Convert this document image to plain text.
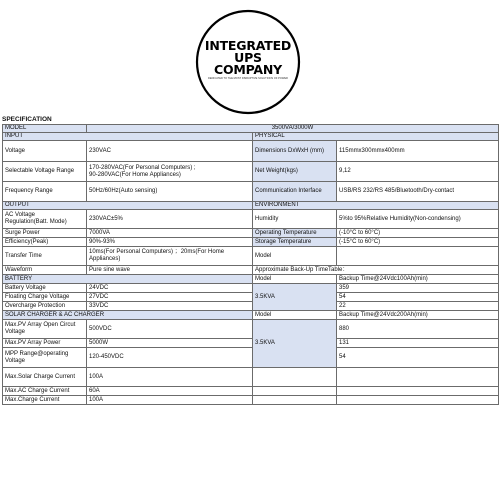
INTEGRATED
UPS
COMPANY
DEDICATED TO THE MOST DISRUPTIVE SOLUTIONS OF POWER
SPECIFICATION
MODEL	3500VA/3000W		
INPUT		PHYSICAL	
Voltage	230VAC	Dimensions DxWxH (mm)	115mmx300mmx400mm
Selectable Voltage Range	170-280VAC(For Personal Computers) ;
90-280VAC(For Home Appliances)	Net Weight(kgs)	9,12
Frequency Range	50Hz/60Hz(Auto sensing)	Communication Interface	USB/RS 232/RS 485/Bluetooth/Dry-contact
OUTPUT		ENVIRONMENT	

AC Voltage
Regulation(Batt. Mode)	230VAC±5%	Humidity	5%to 95%Relative Humidity(Non-condensing)
Surge Power	7000VA	Operating Temperature	(-10°C to 60°C)
Efficiency(Peak)	90%-93%	Storage Temperature	(-15°C to 60°C)
Transfer Time	10ms(For Personal Computers) ；20ms(For Home
Appliances)	Model	
Waveform	Pure sine wave	Approximate Back-Up TimeTable：	
BATTERY		Model	Backup Time@24Vdc100Ah(min)
Battery Voltage	24VDC	3.5KVA	359
Floating Charge Voltage	27VDC		54
Overcharge Protection	33VDC		22
SOLAR CHARGER & AC CHARGER		Model	Backup Time@24Vdc200Ah(min)

Max.PV Array Open Circut
Voltage	500VDC	3.5KVA	880
Max.PV Array Power	5000W		131

MPP Range@operating
Voltage	120-450VDC		54
Max.Solar Charge Current	100A		
Max.AC Charge Current	60A		
Max.Charge Current	100A		
